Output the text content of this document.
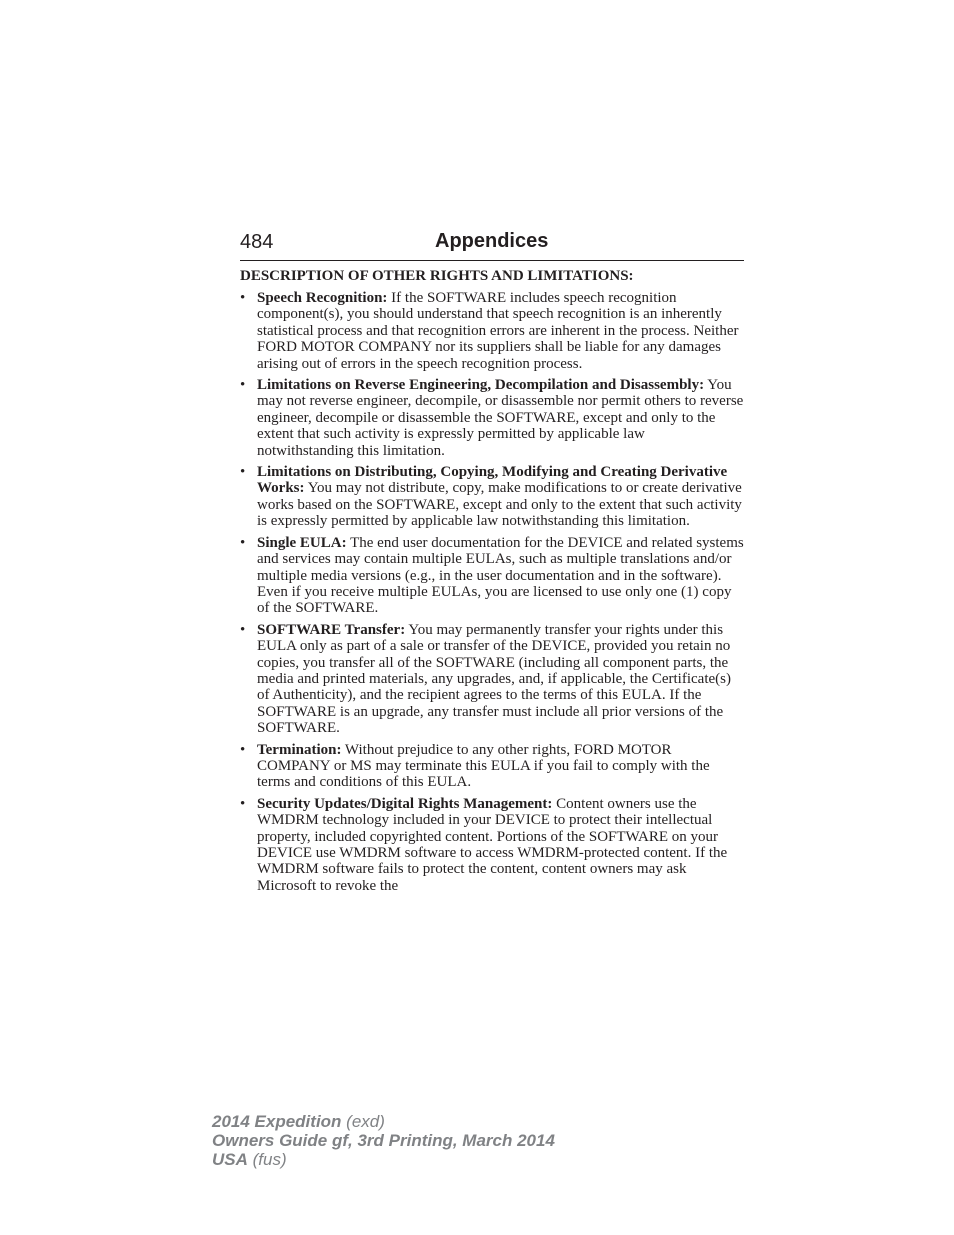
484	Appendices
DESCRIPTION OF OTHER RIGHTS AND LIMITATIONS:
• Speech Recognition: If the SOFTWARE includes speech recognition component(s), you should understand that speech recognition is an inherently statistical process and that recognition errors are inherent in the process. Neither FORD MOTOR COMPANY nor its suppliers shall be liable for any damages arising out of errors in the speech recognition process.
• Limitations on Reverse Engineering, Decompilation and Disassembly: You may not reverse engineer, decompile, or disassemble nor permit others to reverse engineer, decompile or disassemble the SOFTWARE, except and only to the extent that such activity is expressly permitted by applicable law notwithstanding this limitation.
• Limitations on Distributing, Copying, Modifying and Creating Derivative Works: You may not distribute, copy, make modifications to or create derivative works based on the SOFTWARE, except and only to the extent that such activity is expressly permitted by applicable law notwithstanding this limitation.
• Single EULA: The end user documentation for the DEVICE and related systems and services may contain multiple EULAs, such as multiple translations and/or multiple media versions (e.g., in the user documentation and in the software). Even if you receive multiple EULAs, you are licensed to use only one (1) copy of the SOFTWARE.
• SOFTWARE Transfer: You may permanently transfer your rights under this EULA only as part of a sale or transfer of the DEVICE, provided you retain no copies, you transfer all of the SOFTWARE (including all component parts, the media and printed materials, any upgrades, and, if applicable, the Certificate(s) of Authenticity), and the recipient agrees to the terms of this EULA. If the SOFTWARE is an upgrade, any transfer must include all prior versions of the SOFTWARE.
• Termination: Without prejudice to any other rights, FORD MOTOR COMPANY or MS may terminate this EULA if you fail to comply with the terms and conditions of this EULA.
• Security Updates/Digital Rights Management: Content owners use the WMDRM technology included in your DEVICE to protect their intellectual property, included copyrighted content. Portions of the SOFTWARE on your DEVICE use WMDRM software to access WMDRM-protected content. If the WMDRM software fails to protect the content, content owners may ask Microsoft to revoke the
2014 Expedition (exd)
Owners Guide gf, 3rd Printing, March 2014
USA (fus)
